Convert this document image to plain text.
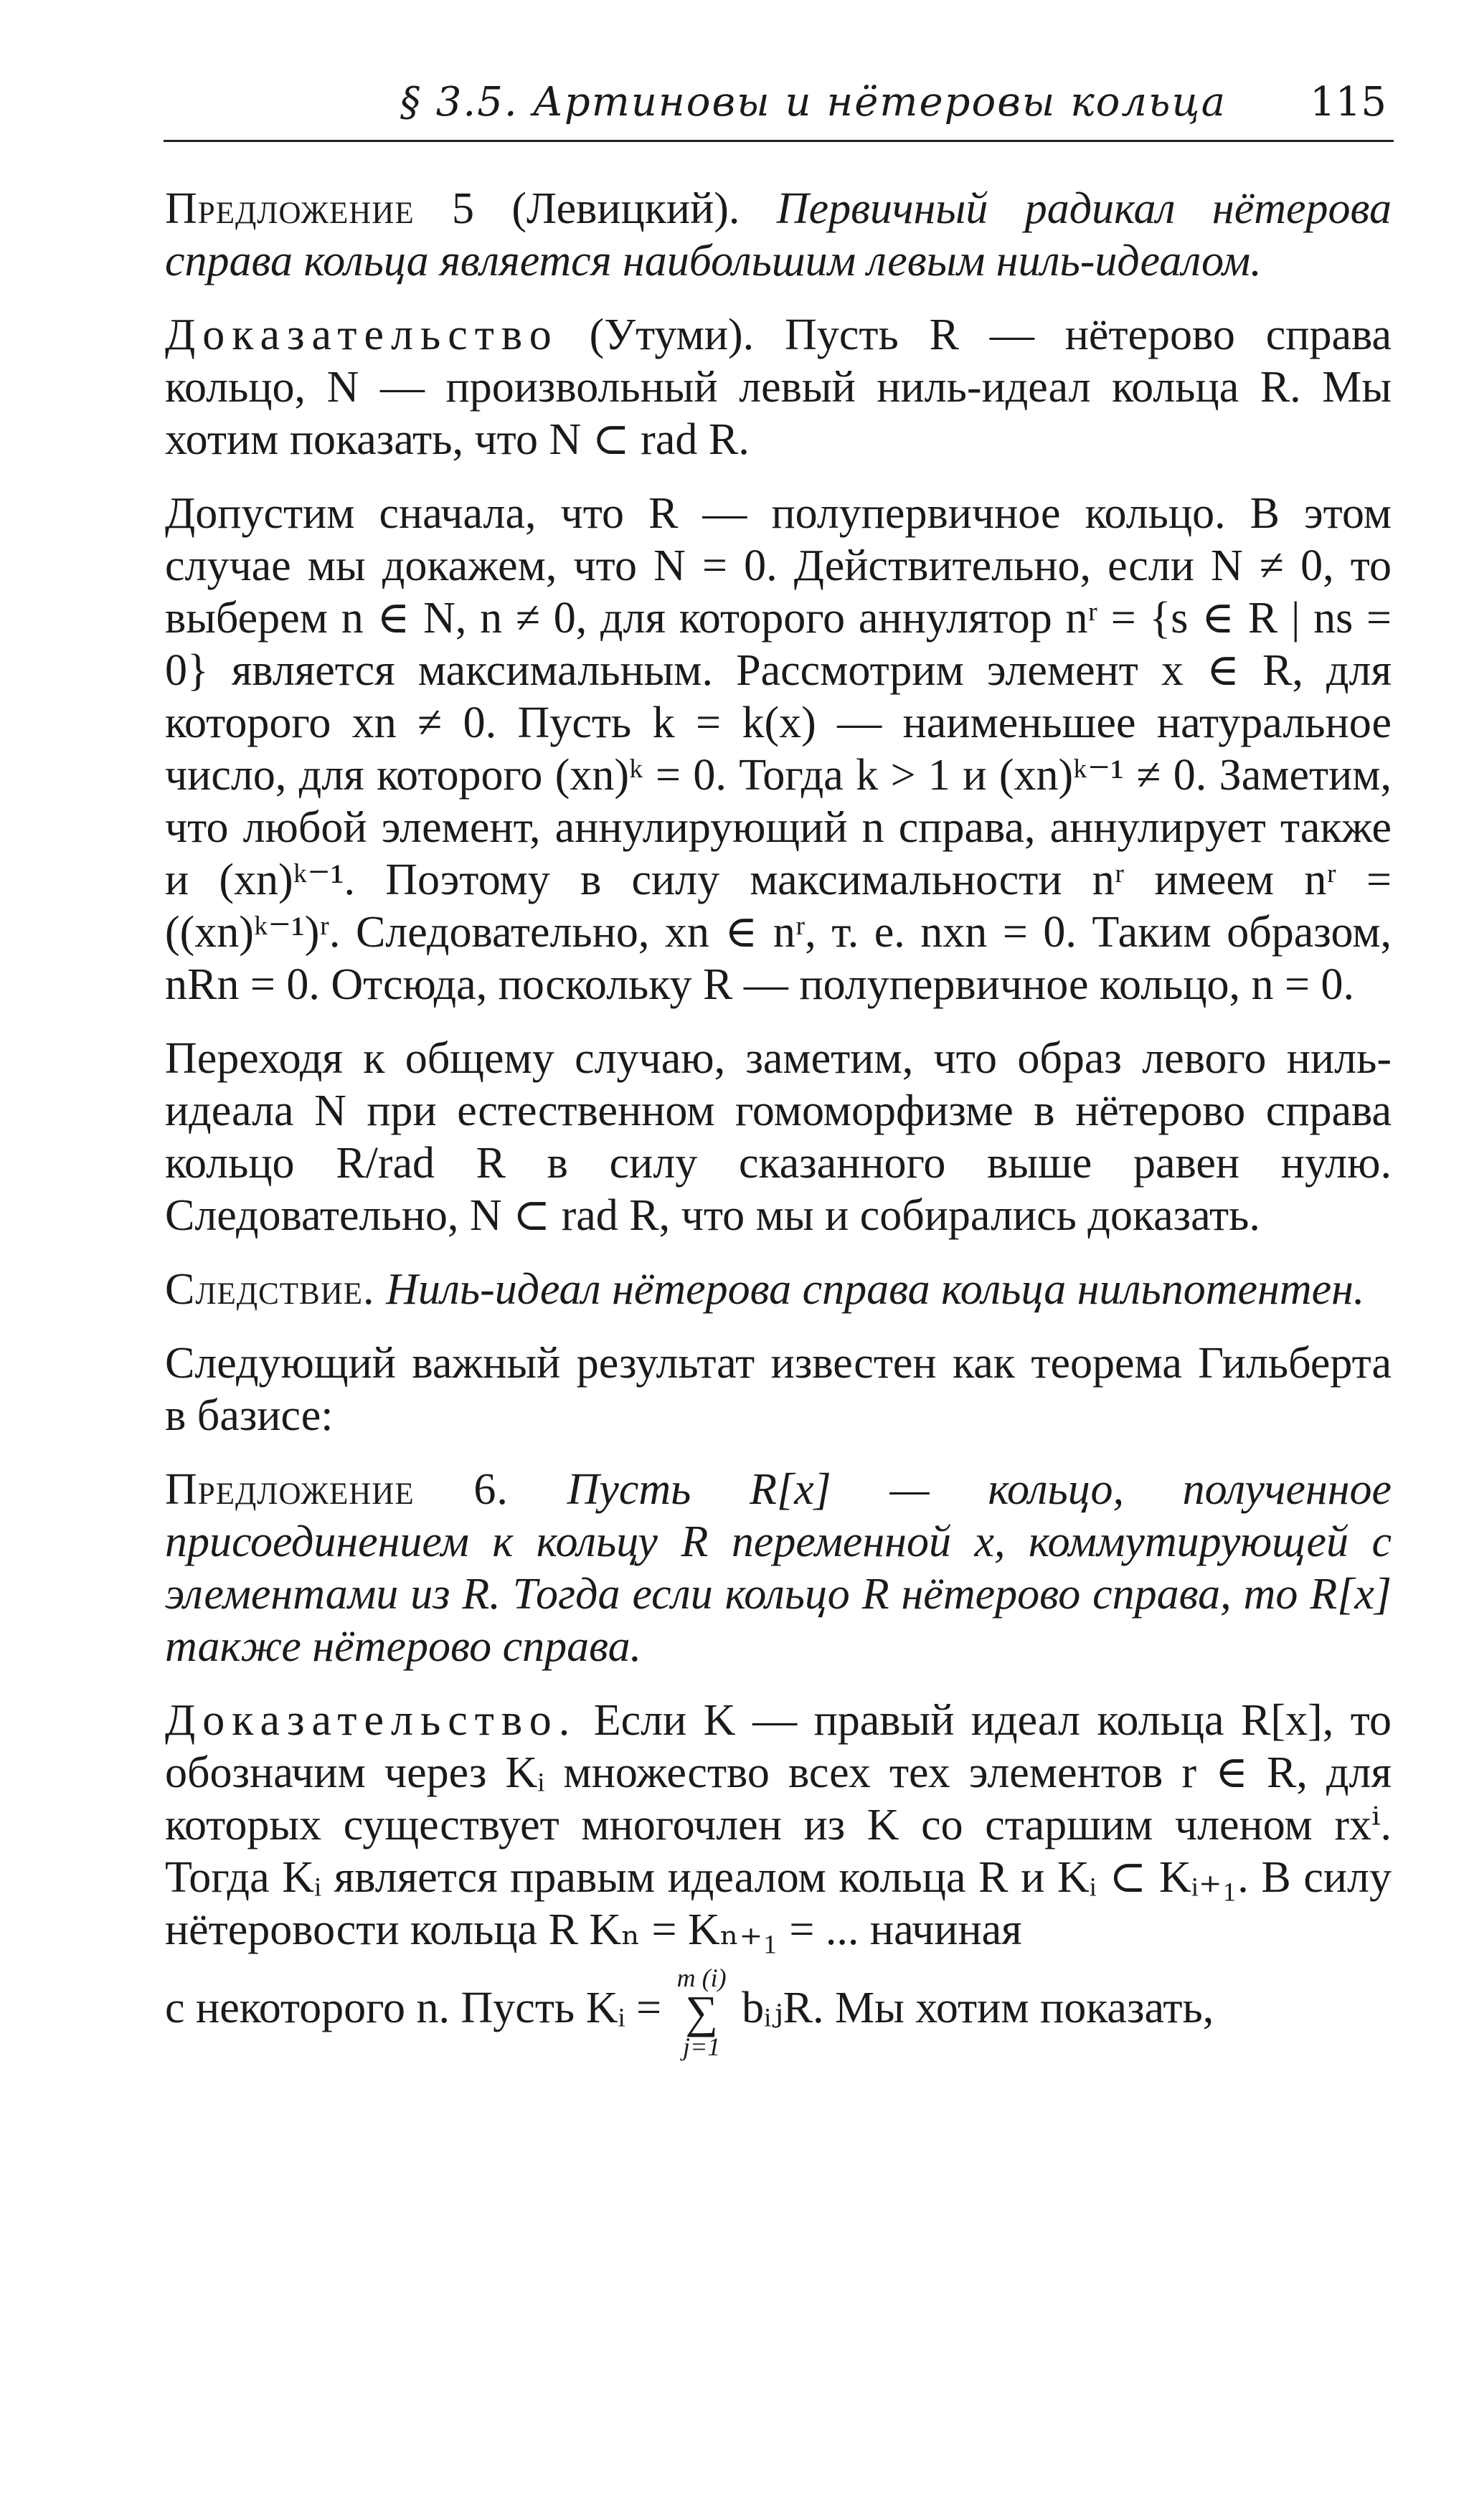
§ 3.5. Артиновы и нётеровы кольца 115

Предложение 5 (Левицкий). Первичный радикал нётерова справа кольца является наибольшим левым ниль-идеалом.

Доказательство (Утуми). Пусть R — нётерово справа кольцо, N — произвольный левый ниль-идеал кольца R. Мы хотим показать, что N ⊂ rad R.

Допустим сначала, что R — полупервичное кольцо. В этом случае мы докажем, что N = 0. Действительно, если N ≠ 0, то выберем n ∈ N, n ≠ 0, для которого аннулятор nʳ = {s ∈ R | ns = 0} является максимальным. Рассмотрим элемент x ∈ R, для которого xn ≠ 0. Пусть k = k(x) — наименьшее натуральное число, для которого (xn)ᵏ = 0. Тогда k > 1 и (xn)ᵏ⁻¹ ≠ 0. Заметим, что любой элемент, аннулирующий n справа, аннулирует также и (xn)ᵏ⁻¹. Поэтому в силу максимальности nʳ имеем nʳ = ((xn)ᵏ⁻¹)ʳ. Следовательно, xn ∈ nʳ, т. е. nxn = 0. Таким образом, nRn = 0. Отсюда, поскольку R — полупервичное кольцо, n = 0.

Переходя к общему случаю, заметим, что образ левого ниль-идеала N при естественном гомоморфизме в нётерово справа кольцо R/rad R в силу сказанного выше равен нулю. Следовательно, N ⊂ rad R, что мы и собирались доказать.

Следствие. Ниль-идеал нётерова справа кольца нильпотентен.

Следующий важный результат известен как теорема Гильберта в базисе:

Предложение 6. Пусть R[x] — кольцо, полученное присоединением к кольцу R переменной x, коммутирующей с элементами из R. Тогда если кольцо R нётерово справа, то R[x] также нётерово справа.

Доказательство. Если K — правый идеал кольца R[x], то обозначим через Kᵢ множество всех тех элементов r ∈ R, для которых существует многочлен из K со старшим членом rxⁱ. Тогда Kᵢ является правым идеалом кольца R и Kᵢ ⊂ Kᵢ₊₁. В силу нётеровости кольца R Kₙ = Kₙ₊₁ = ... начиная

с некоторого n. Пусть Kᵢ =
m (i)
∑
j=1
bᵢⱼR. Мы хотим показать,
